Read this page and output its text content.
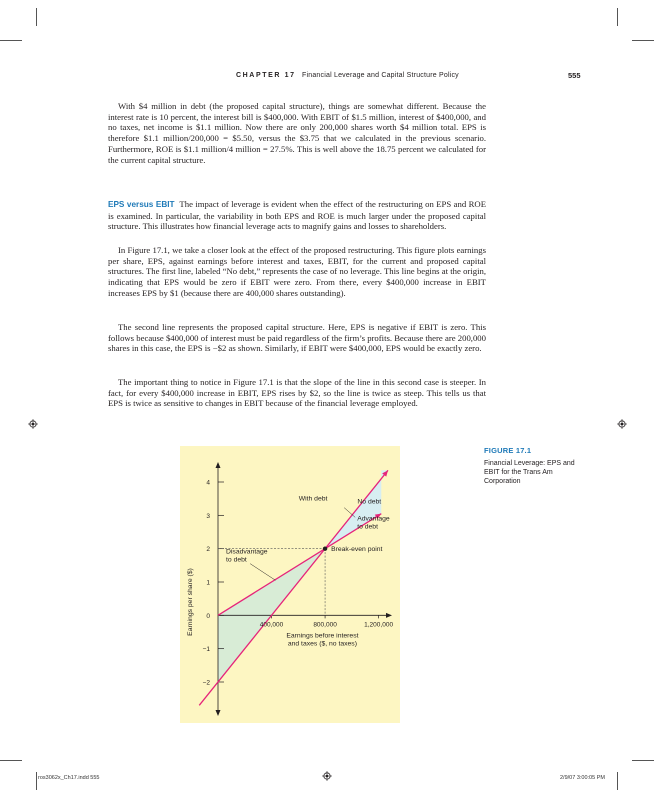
CHAPTER 17 Financial Leverage and Capital Structure Policy	555

With $4 million in debt (the proposed capital structure), things are somewhat different. Because the interest rate is 10 percent, the interest bill is $400,000. With EBIT of $1.5 million, interest of $400,000, and no taxes, net income is $1.1 million. Now there are only 200,000 shares worth $4 million total. EPS is therefore $1.1 million/200,000 = $5.50, versus the $3.75 that we calculated in the previous scenario. Furthermore, ROE is $1.1 million/4 million = 27.5%. This is well above the 18.75 percent we calculated for the current capital structure.

EPS versus EBIT The impact of leverage is evident when the effect of the restructuring on EPS and ROE is examined. In particular, the variability in both EPS and ROE is much larger under the proposed capital structure. This illustrates how financial leverage acts to magnify gains and losses to shareholders.

In Figure 17.1, we take a closer look at the effect of the proposed restructuring. This figure plots earnings per share, EPS, against earnings before interest and taxes, EBIT, for the current and proposed capital structures. The first line, labeled “No debt,” represents the case of no leverage. This line begins at the origin, indicating that EPS would be zero if EBIT were zero. From there, every $400,000 increase in EBIT increases EPS by $1 (because there are 400,000 shares outstanding).

The second line represents the proposed capital structure. Here, EPS is negative if EBIT is zero. This follows because $400,000 of interest must be paid regardless of the firm’s profits. Because there are 200,000 shares in this case, the EPS is −$2 as shown. Similarly, if EBIT were $400,000, EPS would be exactly zero.

The important thing to notice in Figure 17.1 is that the slope of the line in this second case is steeper. In fact, for every $400,000 increase in EBIT, EPS rises by $2, so the line is twice as steep. This tells us that EPS is twice as sensitive to changes in EBIT because of the financial leverage employed.

FIGURE 17.1
Financial Leverage: EPS and EBIT for the Trans Am Corporation
−2
−1
0
1
2
3
4
400,000	800,000	1,200,000
Break-even point
With debt	No debt
Advantage
to debt
Disadvantage
to debt
Earnings before interest
and taxes ($, no taxes)
Earnings per share ($)
ros3062x_Ch17.indd 555	2/9/07 3:00:05 PM
